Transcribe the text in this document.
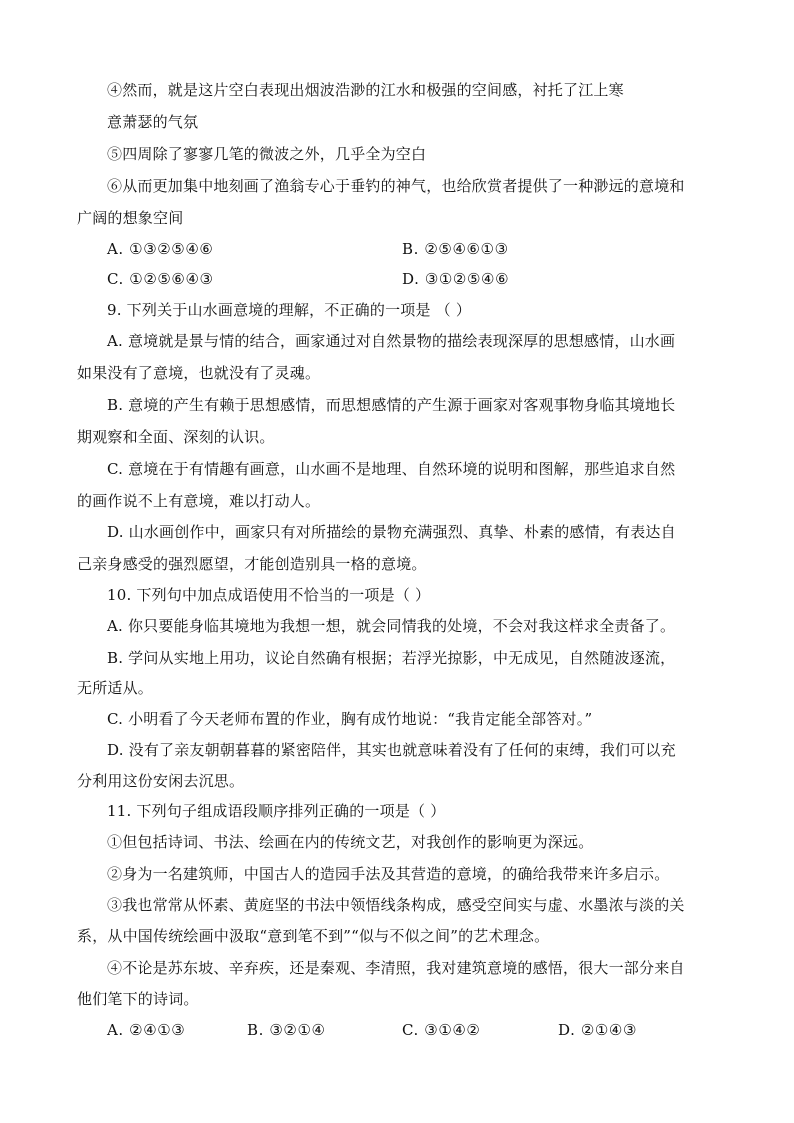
④然而，就是这片空白表现出烟波浩渺的江水和极强的空间感，衬托了江上寒
意萧瑟的气氛
⑤四周除了寥寥几笔的微波之外，几乎全为空白
⑥从而更加集中地刻画了渔翁专心于垂钓的神气，也给欣赏者提供了一种渺远的意境和
广阔的想象空间
A. ①③②⑤④⑥	B. ②⑤④⑥①③
C. ①②⑤⑥④③	D. ③①②⑤④⑥
9. 下列关于山水画意境的理解，不正确的一项是 （ ）
A. 意境就是景与情的结合，画家通过对自然景物的描绘表现深厚的思想感情，山水画
如果没有了意境，也就没有了灵魂。
B. 意境的产生有赖于思想感情，而思想感情的产生源于画家对客观事物身临其境地长
期观察和全面、深刻的认识。
C. 意境在于有情趣有画意，山水画不是地理、自然环境的说明和图解，那些追求自然
的画作说不上有意境，难以打动人。
D. 山水画创作中，画家只有对所描绘的景物充满强烈、真挚、朴素的感情，有表达自
己亲身感受的强烈愿望，才能创造别具一格的意境。
10. 下列句中加点成语使用不恰当的一项是（ ）
A. 你只要能身临其境地为我想一想，就会同情我的处境，不会对我这样求全责备了。
B. 学问从实地上用功，议论自然确有根据；若浮光掠影，中无成见，自然随波逐流，
无所适从。
C. 小明看了今天老师布置的作业，胸有成竹地说：“我肯定能全部答对。”
D. 没有了亲友朝朝暮暮的紧密陪伴，其实也就意味着没有了任何的束缚，我们可以充
分利用这份安闲去沉思。
11. 下列句子组成语段顺序排列正确的一项是（ ）
①但包括诗词、书法、绘画在内的传统文艺，对我创作的影响更为深远。
②身为一名建筑师，中国古人的造园手法及其营造的意境，的确给我带来许多启示。
③我也常常从怀素、黄庭坚的书法中领悟线条构成，感受空间实与虚、水墨浓与淡的关
系，从中国传统绘画中汲取“意到笔不到”“似与不似之间”的艺术理念。
④不论是苏东坡、辛弃疾，还是秦观、李清照，我对建筑意境的感悟，很大一部分来自
他们笔下的诗词。
A. ②④①③	B. ③②①④	C. ③①④②	D. ②①④③
